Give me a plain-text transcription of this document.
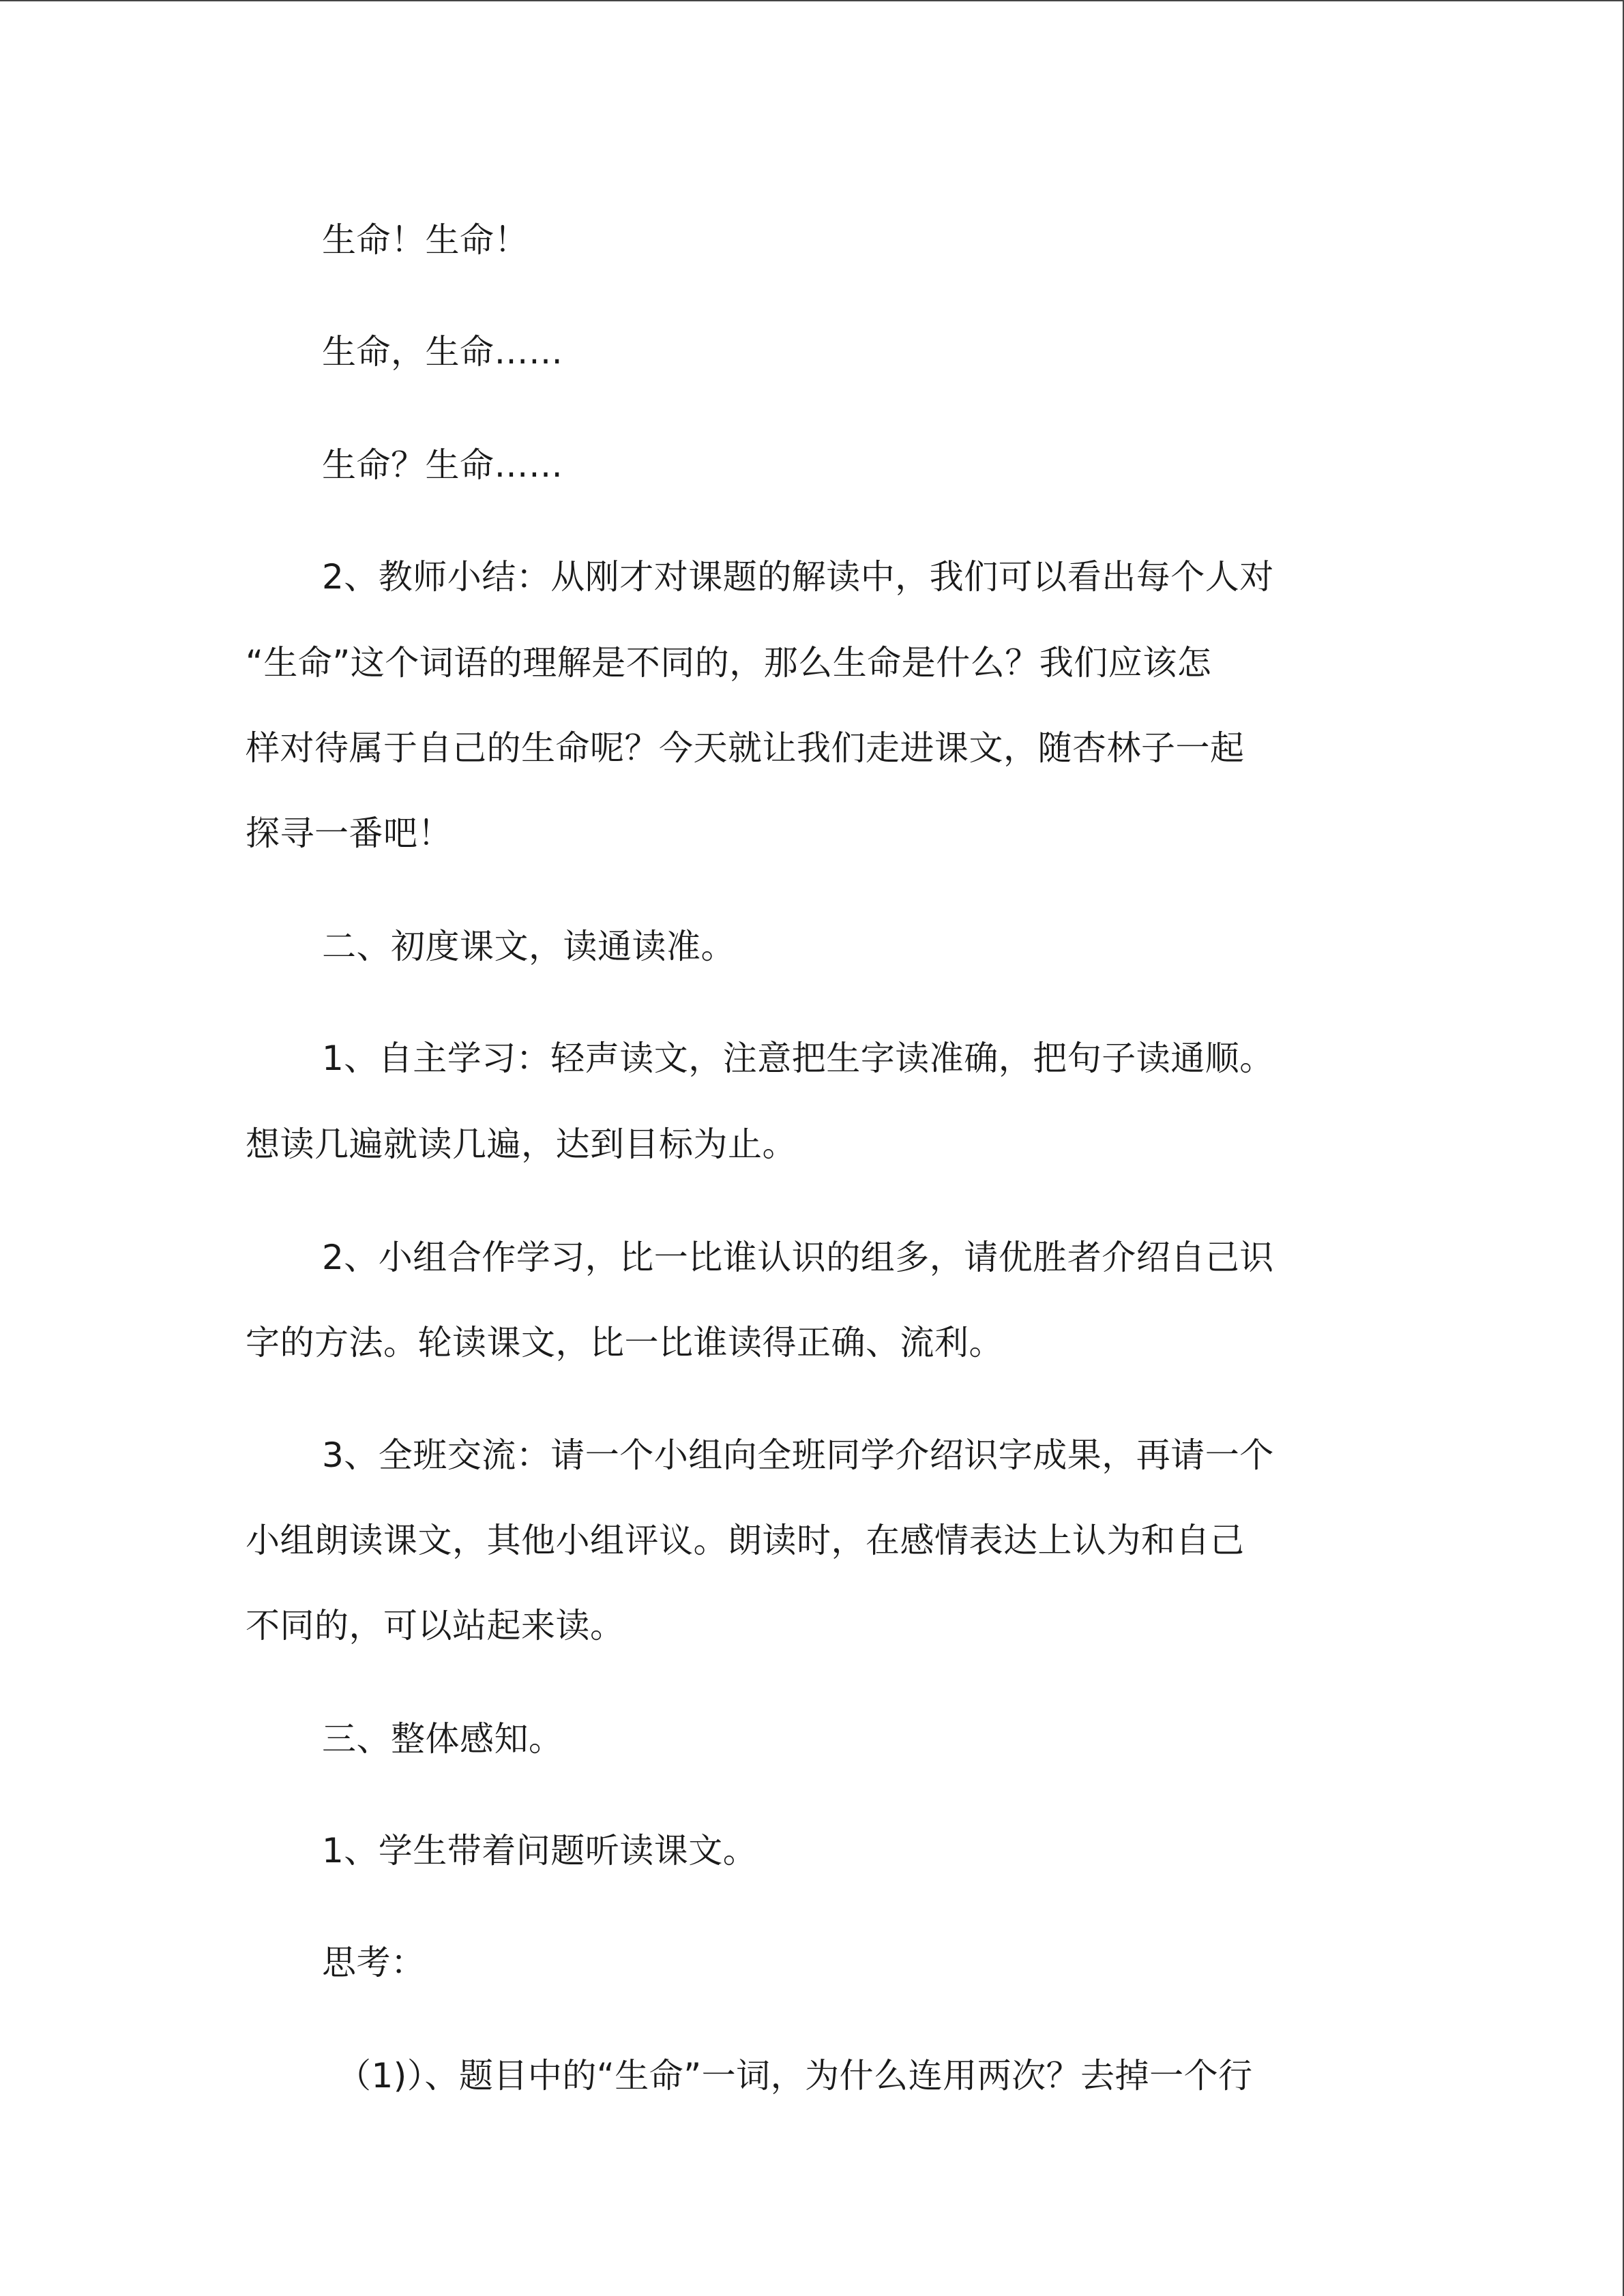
生命！生命！
生命，生命……
生命？生命……
2、教师小结：从刚才对课题的解读中，我们可以看出每个人对
“生命”这个词语的理解是不同的，那么生命是什么？我们应该怎
样对待属于自己的生命呢？今天就让我们走进课文，随杏林子一起
探寻一番吧！
二、初度课文，读通读准。
1、自主学习：轻声读文，注意把生字读准确，把句子读通顺。
想读几遍就读几遍，达到目标为止。
2、小组合作学习，比一比谁认识的组多，请优胜者介绍自己识
字的方法。轮读课文，比一比谁读得正确、流利。
3、全班交流：请一个小组向全班同学介绍识字成果，再请一个
小组朗读课文，其他小组评议。朗读时，在感情表达上认为和自己
不同的，可以站起来读。
三、整体感知。
1、学生带着问题听读课文。
思考：
（1)）、题目中的“生命”一词，为什么连用两次？去掉一个行
